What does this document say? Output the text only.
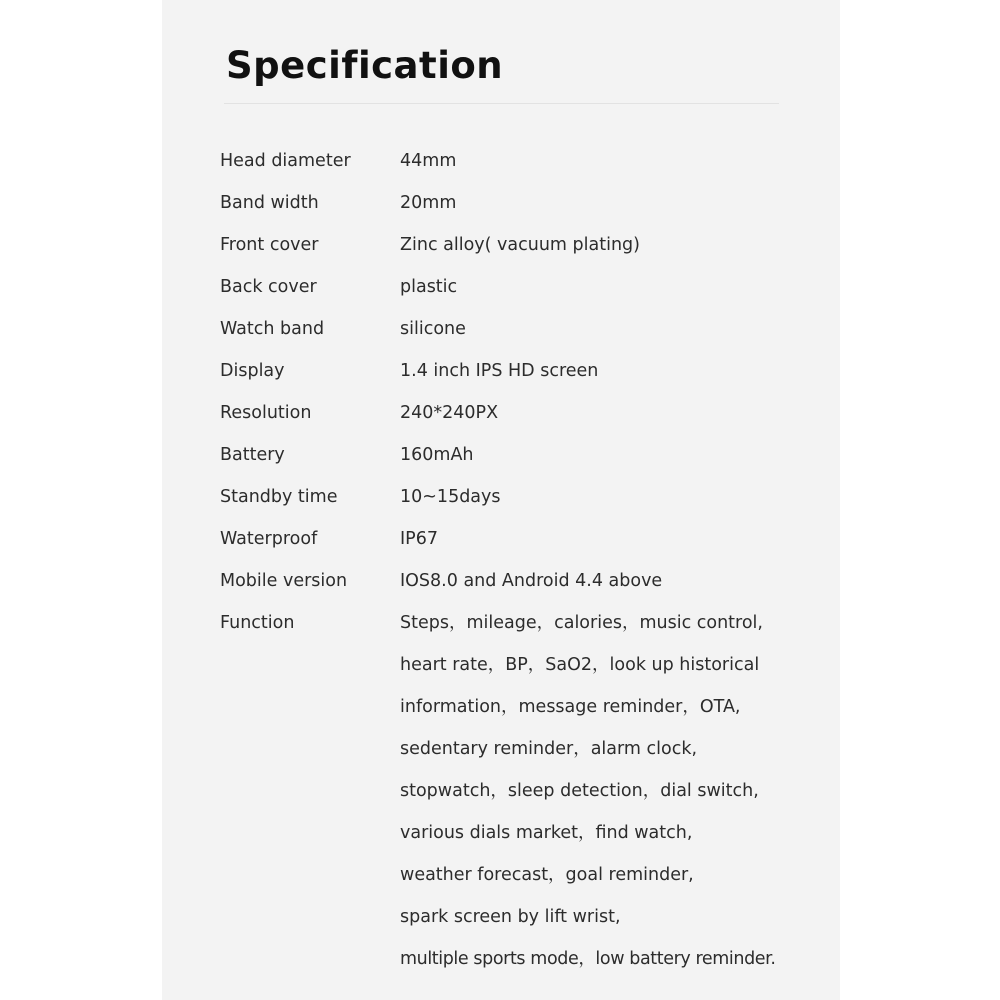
Specification
Head diameter	44mm
Band width	20mm
Front cover	Zinc alloy( vacuum plating)
Back cover	plastic
Watch band	silicone
Display	1.4 inch IPS HD screen
Resolution	240*240PX
Battery	160mAh
Standby time	10~15days
Waterproof	IP67
Mobile version	IOS8.0 and Android 4.4 above
Function	Steps，mileage，calories，music control,
heart rate，BP，SaO2，look up historical
information，message reminder，OTA,
sedentary reminder，alarm clock,
stopwatch，sleep detection，dial switch,
various dials market，find watch,
weather forecast，goal reminder,
spark screen by lift wrist,
multiple sports mode，low battery reminder.
